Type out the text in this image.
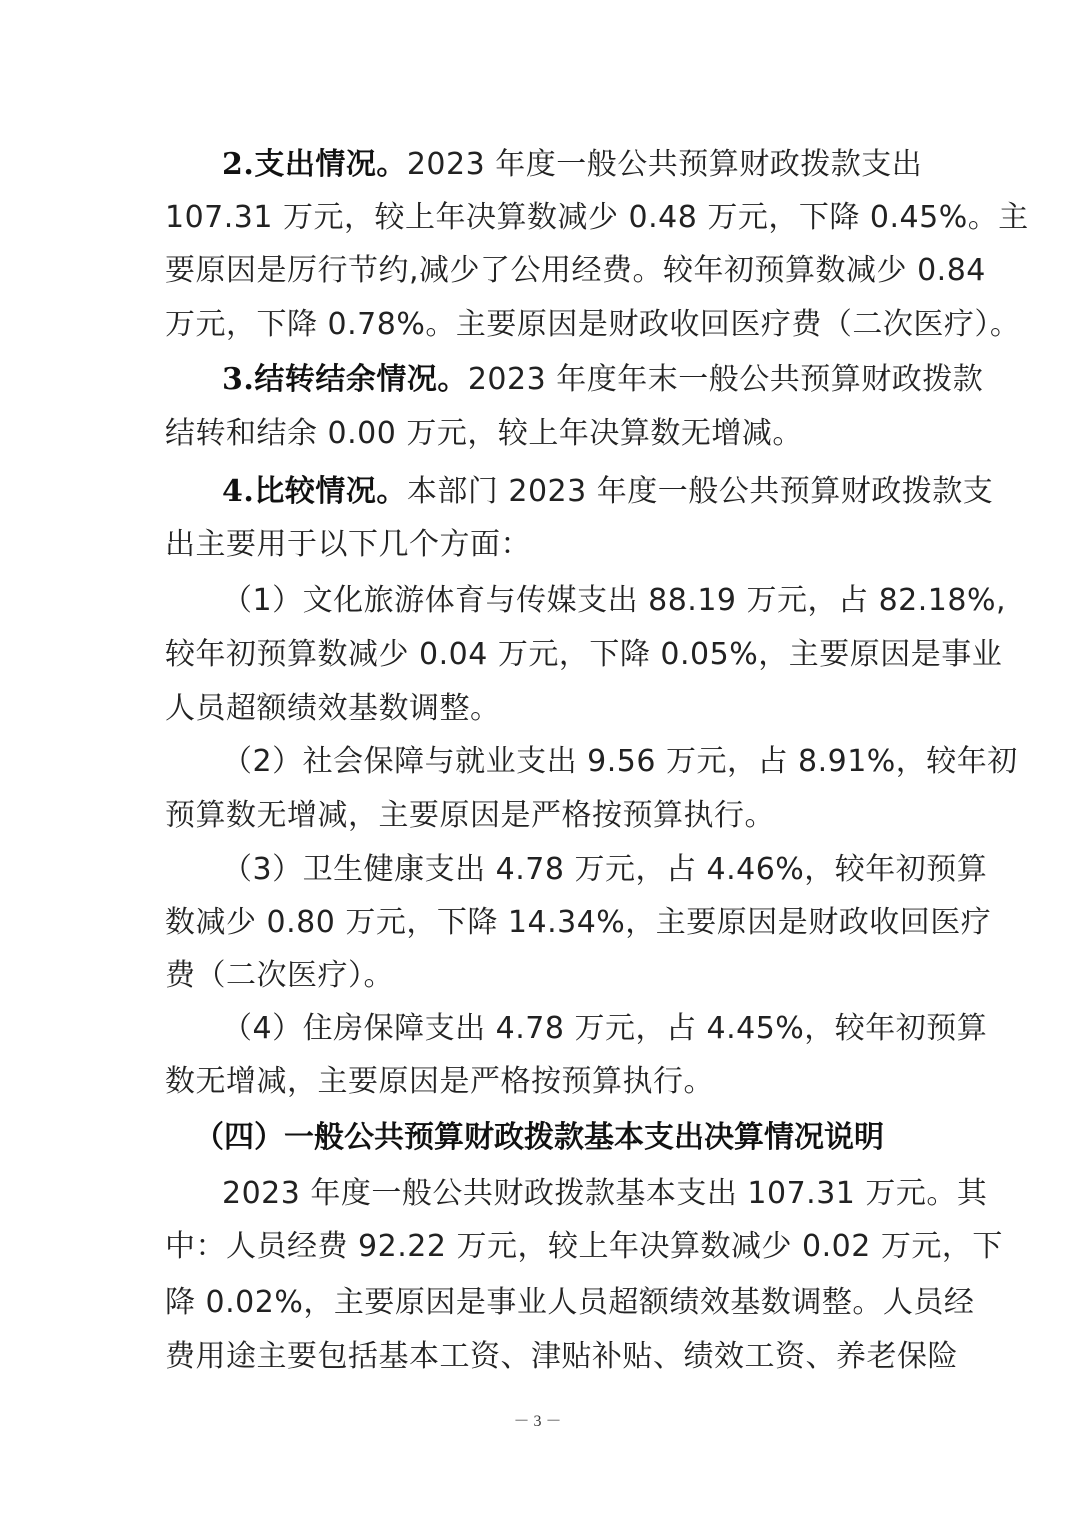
2.支出情况。2023 年度一般公共预算财政拨款支出
107.31 万元，较上年决算数减少 0.48 万元，下降 0.45%。主
要原因是厉行节约,减少了公用经费。较年初预算数减少 0.84
万元，下降 0.78%。主要原因是财政收回医疗费（二次医疗）。
3.结转结余情况。2023 年度年末一般公共预算财政拨款
结转和结余 0.00 万元，较上年决算数无增减。
4.比较情况。本部门 2023 年度一般公共预算财政拨款支
出主要用于以下几个方面：
（1）文化旅游体育与传媒支出 88.19 万元，占 82.18%,
较年初预算数减少 0.04 万元，下降 0.05%，主要原因是事业
人员超额绩效基数调整。
（2）社会保障与就业支出 9.56 万元，占 8.91%，较年初
预算数无增减，主要原因是严格按预算执行。
（3）卫生健康支出 4.78 万元，占 4.46%，较年初预算
数减少 0.80 万元，下降 14.34%，主要原因是财政收回医疗
费（二次医疗）。
（4）住房保障支出 4.78 万元，占 4.45%，较年初预算
数无增减，主要原因是严格按预算执行。
（四）一般公共预算财政拨款基本支出决算情况说明
2023 年度一般公共财政拨款基本支出 107.31 万元。其
中：人员经费 92.22 万元，较上年决算数减少 0.02 万元，下
降 0.02%，主要原因是事业人员超额绩效基数调整。人员经
费用途主要包括基本工资、津贴补贴、绩效工资、养老保险
－ 3 －
